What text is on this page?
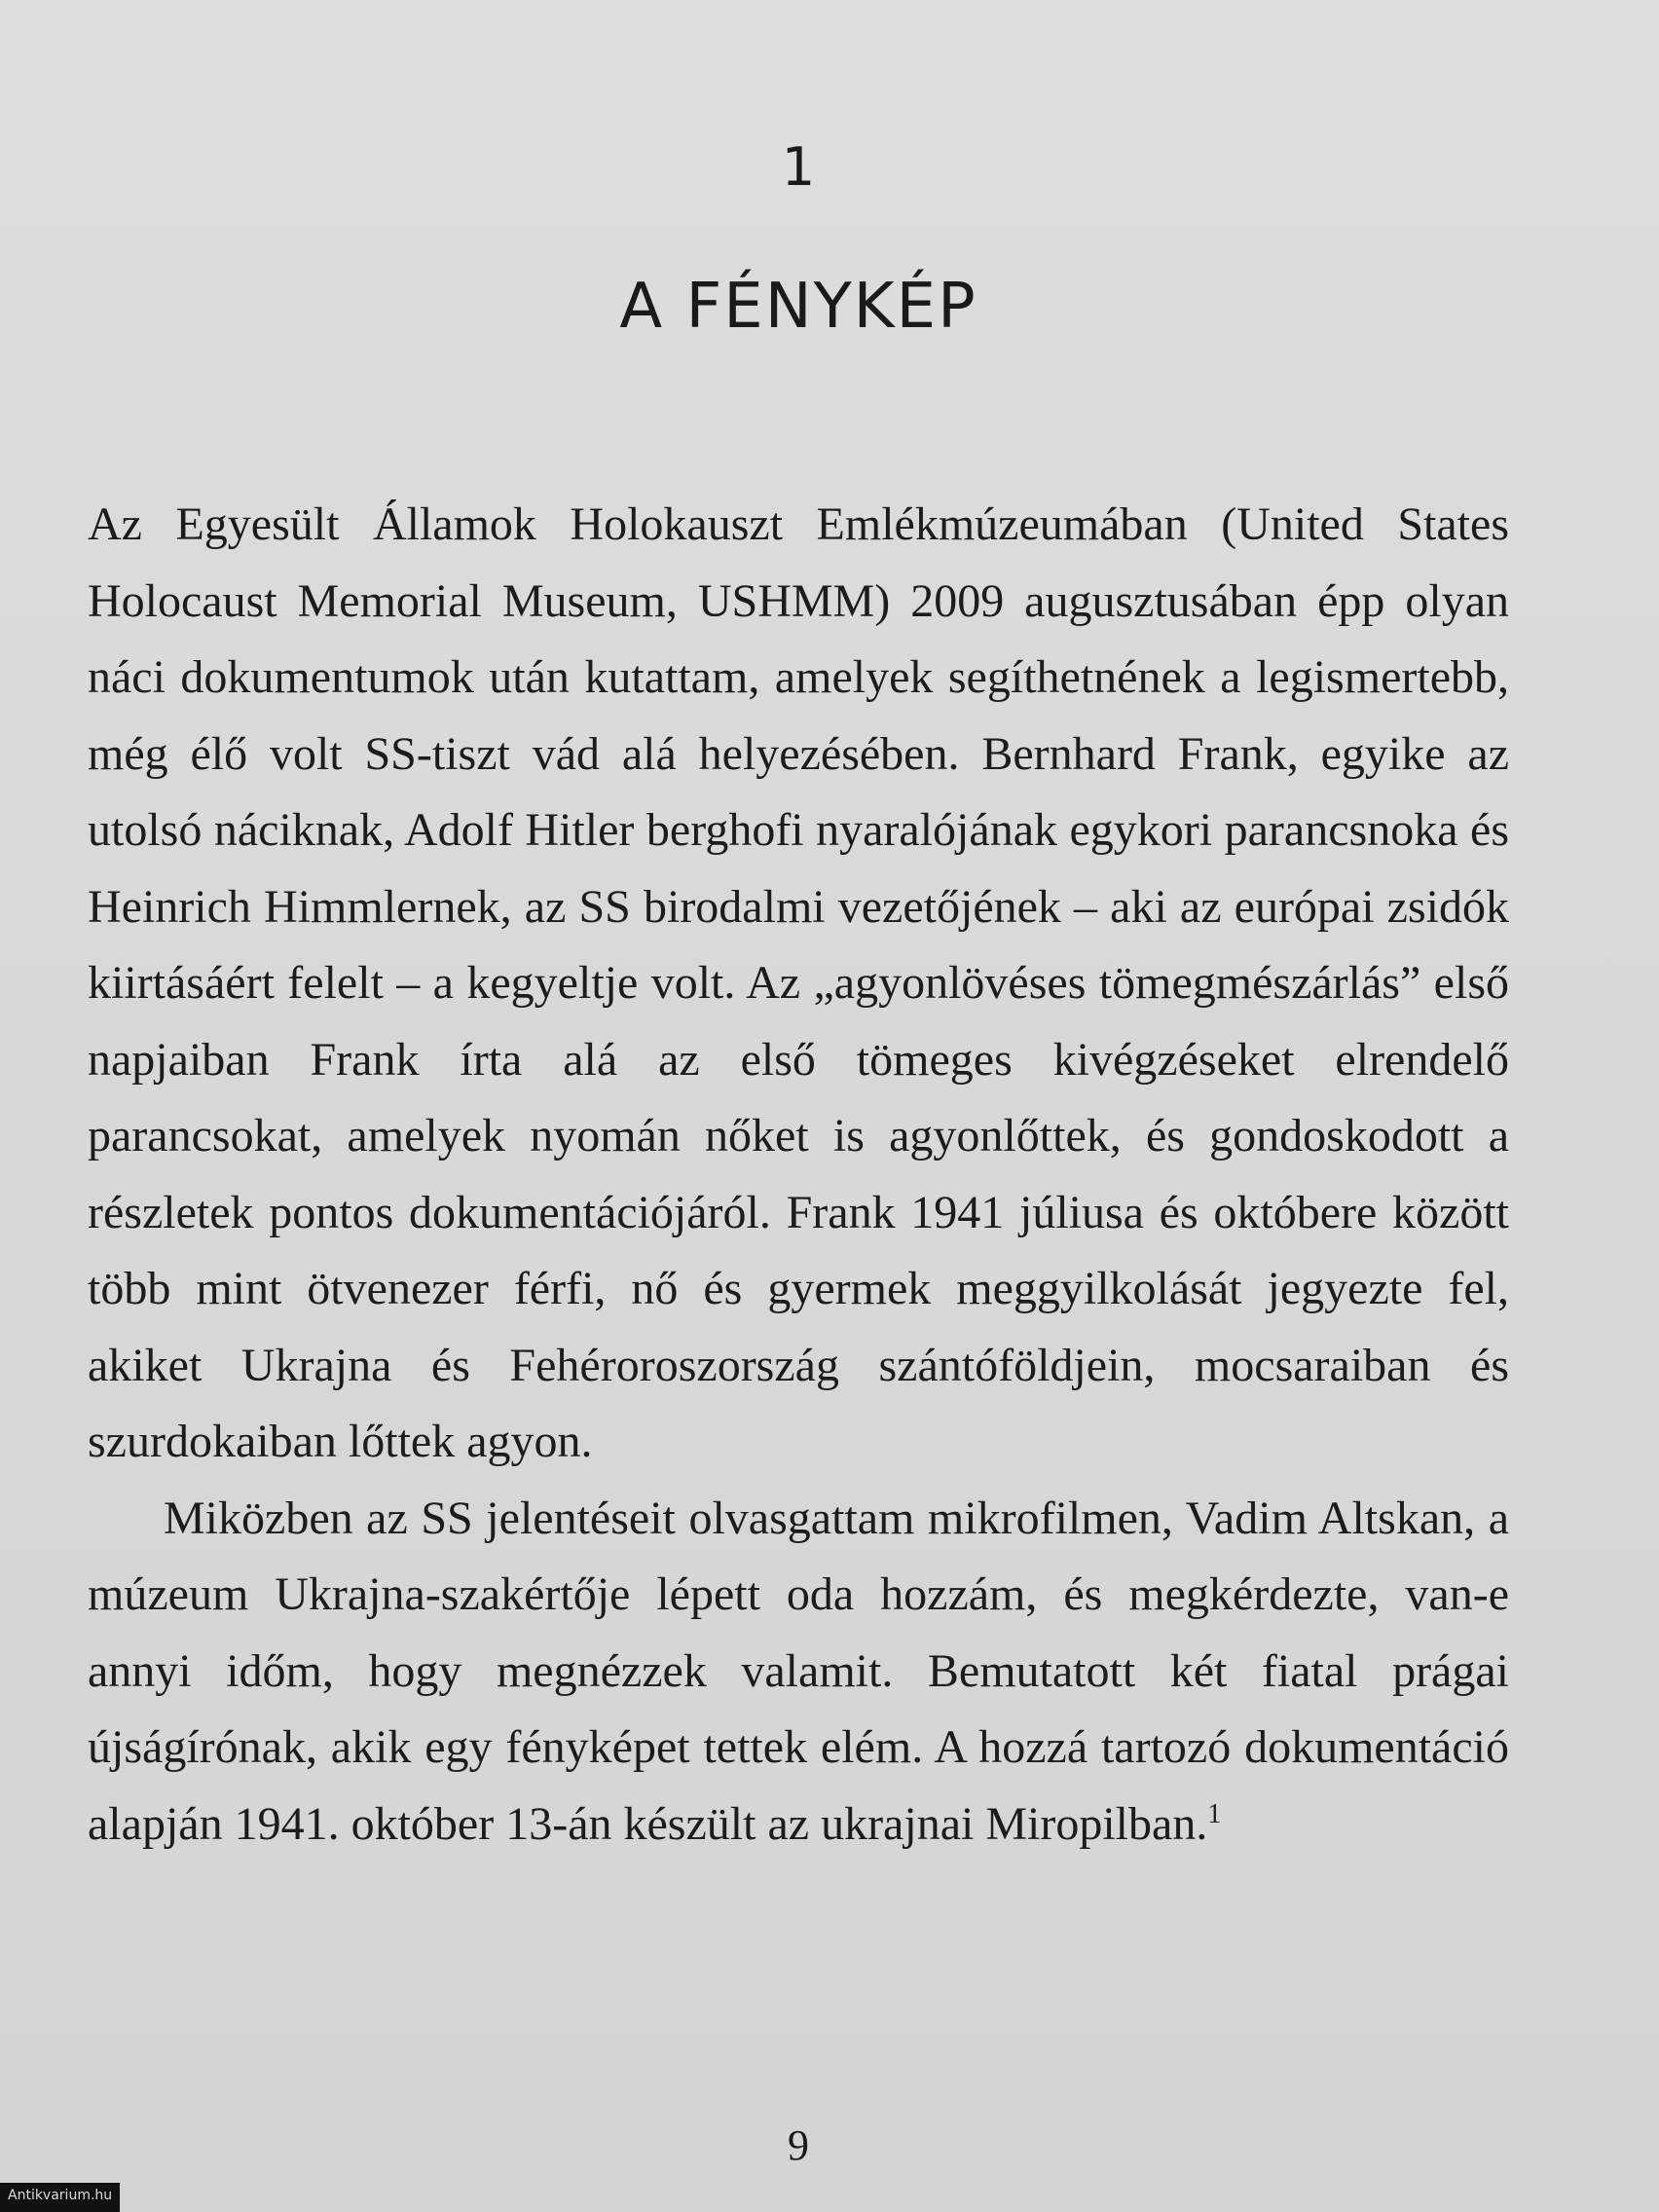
1

A FÉNYKÉP

Az Egyesült Államok Holokauszt Emlékmúzeumában (United States Holocaust Memorial Museum, USHMM) 2009 augusztusában épp olyan náci dokumentumok után kutattam, amelyek segíthetnének a legismertebb, még élő volt SS-tiszt vád alá helyezésében. Bernhard Frank, egyike az utolsó náciknak, Adolf Hitler berghofi nyaralójának egykori parancsnoka és Heinrich Himmlernek, az SS birodalmi vezetőjének – aki az európai zsidók kiirtásáért felelt – a kegyeltje volt. Az „agyonlövéses tömegmészárlás” első napjaiban Frank írta alá az első tömeges kivégzéseket elrendelő parancsokat, amelyek nyomán nőket is agyonlőttek, és gondoskodott a részletek pontos dokumentációjáról. Frank 1941 júliusa és októbere között több mint ötvenezer férfi, nő és gyermek meggyilkolását jegyezte fel, akiket Ukrajna és Fehéroroszország szántóföldjein, mocsaraiban és szurdokaiban lőttek agyon.

Miközben az SS jelentéseit olvasgattam mikrofilmen, Vadim Altskan, a múzeum Ukrajna-szakértője lépett oda hozzám, és megkérdezte, van-e annyi időm, hogy megnézzek valamit. Bemutatott két fiatal prágai újságírónak, akik egy fényképet tettek elém. A hozzá tartozó dokumentáció alapján 1941. október 13-án készült az ukrajnai Miropilban.$^1$

9

Antikvarium.hu
